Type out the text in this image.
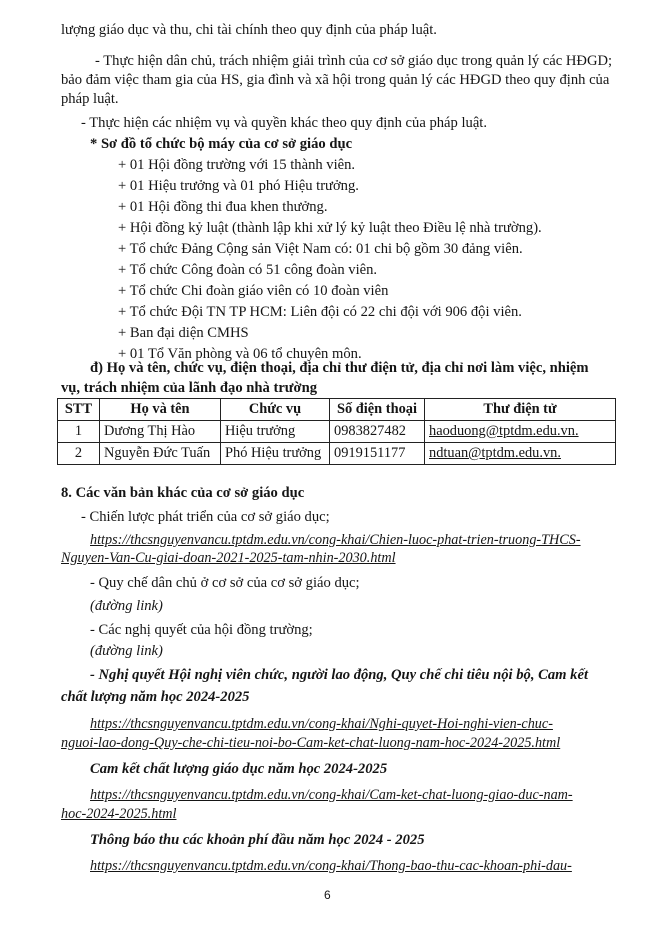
lượng giáo dục và thu, chi tài chính theo quy định của pháp luật.
- Thực hiện dân chủ, trách nhiệm giải trình của cơ sở giáo dục trong quản lý các HĐGD;
bảo đảm việc tham gia của HS, gia đình và xã hội trong quản lý các HĐGD theo quy định của
pháp luật.
- Thực hiện các nhiệm vụ và quyền khác theo quy định của pháp luật.
* Sơ đồ tổ chức bộ máy của cơ sở giáo dục
+ 01 Hội đồng trường với 15 thành viên.
+ 01 Hiệu trưởng và 01 phó Hiệu trưởng.
+ 01 Hội đồng thi đua khen thưởng.
+ Hội đồng kỷ luật (thành lập khi xử lý kỷ luật theo Điều lệ nhà trường).
+ Tổ chức Đảng Cộng sản Việt Nam có: 01 chi bộ gồm 30 đảng viên.
+ Tổ chức Công đoàn có 51 công đoàn viên.
+ Tổ chức Chi đoàn giáo viên có 10 đoàn viên
+ Tổ chức Đội TN TP HCM: Liên đội có 22 chi đội với 906 đội viên.
+ Ban đại diện CMHS
+ 01 Tổ Văn phòng và 06 tổ chuyên môn.
đ) Họ và tên, chức vụ, điện thoại, địa chỉ thư điện tử, địa chỉ nơi làm việc, nhiệm
vụ, trách nhiệm của lãnh đạo nhà trường
STT	Họ và tên	Chức vụ	Số điện thoại	Thư điện tử
1	Dương Thị Hào	Hiệu trưởng	0983827482	haoduong@tptdm.edu.vn.
2	Nguyễn Đức Tuấn	Phó Hiệu trưởng	0919151177	ndtuan@tptdm.edu.vn.
8. Các văn bản khác của cơ sở giáo dục
- Chiến lược phát triển của cơ sở giáo dục;
https://thcsnguyenvancu.tptdm.edu.vn/cong-khai/Chien-luoc-phat-trien-truong-THCS-
Nguyen-Van-Cu-giai-doan-2021-2025-tam-nhin-2030.html
- Quy chế dân chủ ở cơ sở của cơ sở giáo dục;
(đường link)
- Các nghị quyết của hội đồng trường;
(đường link)
- Nghị quyết Hội nghị viên chức, người lao động, Quy chế chi tiêu nội bộ, Cam kết
chất lượng năm học 2024-2025
https://thcsnguyenvancu.tptdm.edu.vn/cong-khai/Nghi-quyet-Hoi-nghi-vien-chuc-
nguoi-lao-dong-Quy-che-chi-tieu-noi-bo-Cam-ket-chat-luong-nam-hoc-2024-2025.html
Cam kết chất lượng giáo dục năm học 2024-2025
https://thcsnguyenvancu.tptdm.edu.vn/cong-khai/Cam-ket-chat-luong-giao-duc-nam-
hoc-2024-2025.html
Thông báo thu các khoản phí đầu năm học 2024 - 2025
https://thcsnguyenvancu.tptdm.edu.vn/cong-khai/Thong-bao-thu-cac-khoan-phi-dau-
6
